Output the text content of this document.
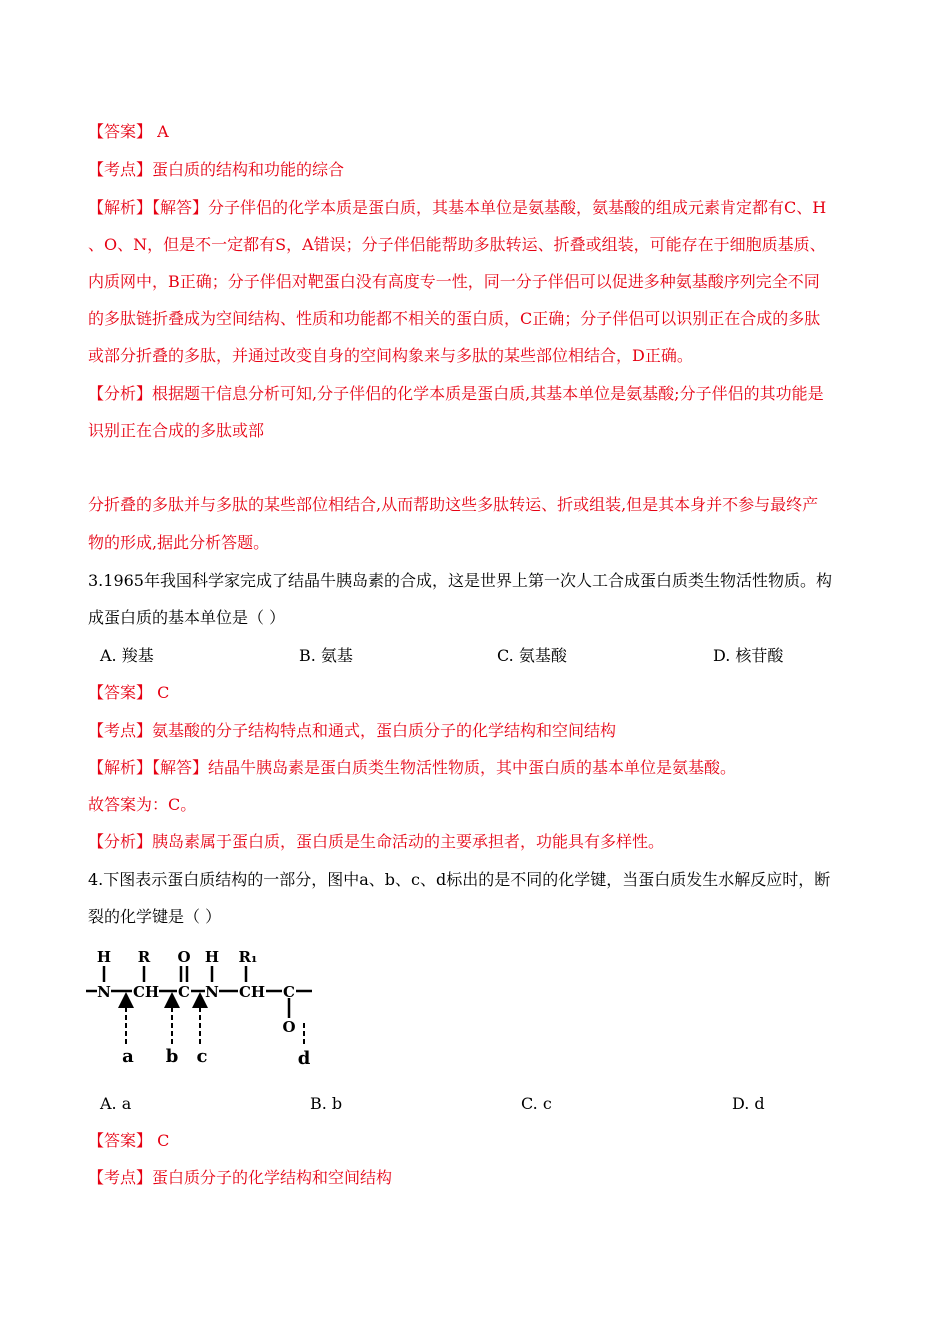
【答案】 A
【考点】蛋白质的结构和功能的综合
【解析】【解答】分子伴侣的化学本质是蛋白质，其基本单位是氨基酸，氨基酸的组成元素肯定都有C、H
、O、N，但是不一定都有S，A错误；分子伴侣能帮助多肽转运、折叠或组装，可能存在于细胞质基质、
内质网中，B正确；分子伴侣对靶蛋白没有高度专一性，同一分子伴侣可以促进多种氨基酸序列完全不同
的多肽链折叠成为空间结构、性质和功能都不相关的蛋白质，C正确；分子伴侣可以识别正在合成的多肽
或部分折叠的多肽，并通过改变自身的空间构象来与多肽的某些部位相结合，D正确。
【分析】根据题干信息分析可知,分子伴侣的化学本质是蛋白质,其基本单位是氨基酸;分子伴侣的其功能是
识别正在合成的多肽或部
分折叠的多肽并与多肽的某些部位相结合,从而帮助这些多肽转运、折或组装,但是其本身并不参与最终产
物的形成,据此分析答题。
3.1965年我国科学家完成了结晶牛胰岛素的合成，这是世界上第一次人工合成蛋白质类生物活性物质。构
成蛋白质的基本单位是（ ）
A. 羧基	B. 氨基	C. 氨基酸	D. 核苷酸
【答案】 C
【考点】氨基酸的分子结构特点和通式，蛋白质分子的化学结构和空间结构
【解析】【解答】结晶牛胰岛素是蛋白质类生物活性物质，其中蛋白质的基本单位是氨基酸。
故答案为：C。
【分析】胰岛素属于蛋白质，蛋白质是生命活动的主要承担者，功能具有多样性。
4.下图表示蛋白质结构的一部分，图中a、b、c、d标出的是不同的化学键，当蛋白质发生水解反应时，断
裂的化学键是（ ）
H R O H R₁
N CH C N CH C
O
a b c	d
A. a	B. b	C. c	D. d
【答案】 C
【考点】蛋白质分子的化学结构和空间结构
